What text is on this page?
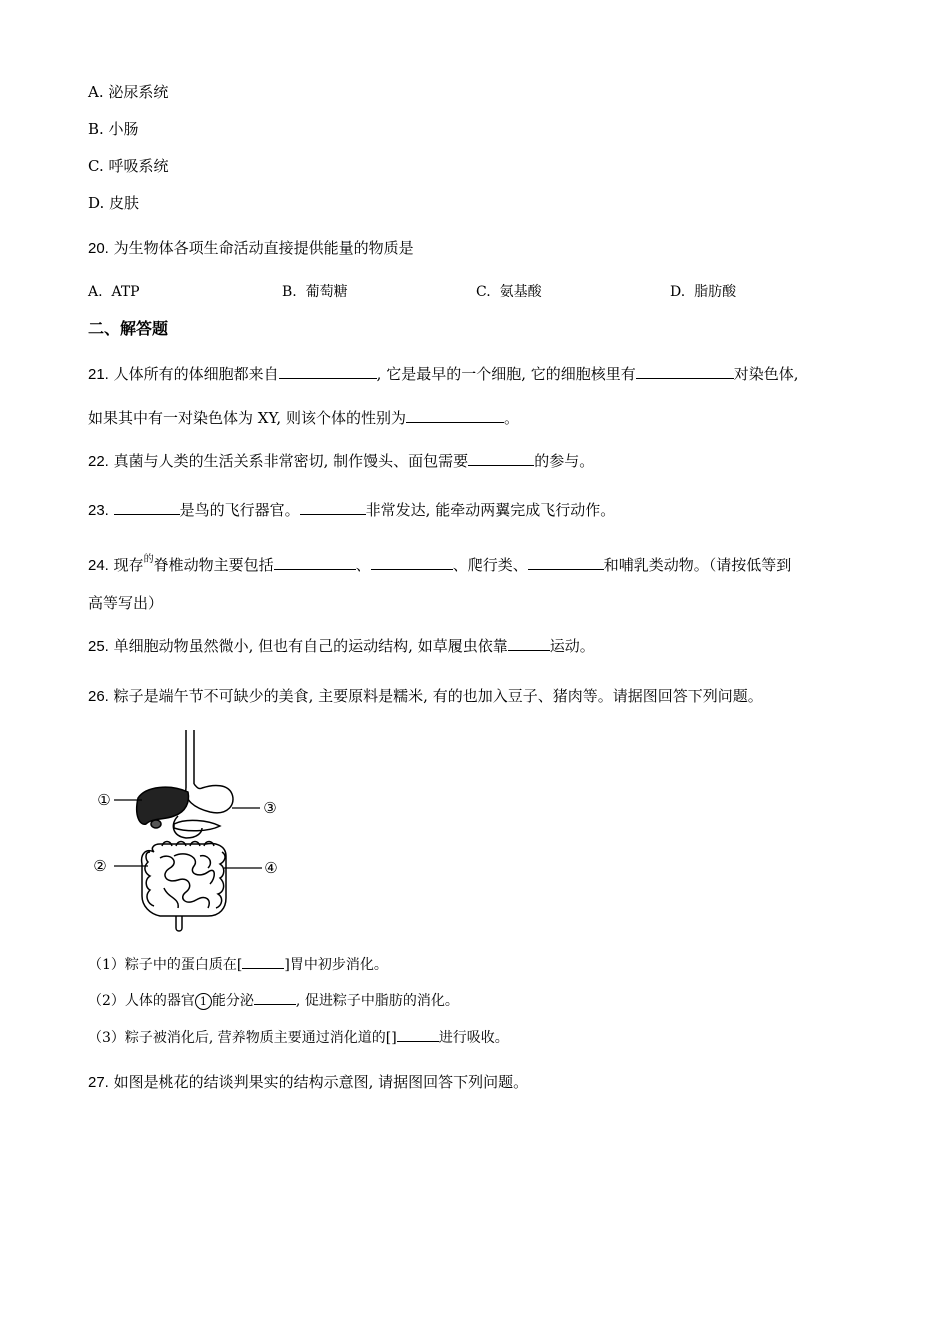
A. 泌尿系统
B. 小肠
C. 呼吸系统
D. 皮肤
20. 为生物体各项生命活动直接提供能量的物质是
A. ATP	B. 葡萄糖	C. 氨基酸	D. 脂肪酸
二、解答题
21. 人体所有的体细胞都来自	, 它是最早的一个细胞, 它的细胞核里有	对染色体,
如果其中有一对染色体为 XY, 则该个体的性别为	。
22. 真菌与人类的生活关系非常密切, 制作馒头、面包需要	的参与。
23.	是鸟的飞行器官。	非常发达, 能牵动两翼完成飞行动作。
24. 现存$^的$脊椎动物主要包括	、	、爬行类、	和哺乳类动物。（请按低等到
高等写出）
25. 单细胞动物虽然微小, 但也有自己的运动结构, 如草履虫依靠	运动。
26. 粽子是端午节不可缺少的美食, 主要原料是糯米, 有的也加入豆子、猪肉等。请据图回答下列问题。
①
②
③
④
（1）粽子中的蛋白质在[	]胃中初步消化。
（2）人体的器官 1 能分泌	, 促进粽子中脂肪的消化。
（3）粽子被消化后, 营养物质主要通过消化道的[]	进行吸收。
27. 如图是桃花的结谈判果实的结构示意图, 请据图回答下列问题。
